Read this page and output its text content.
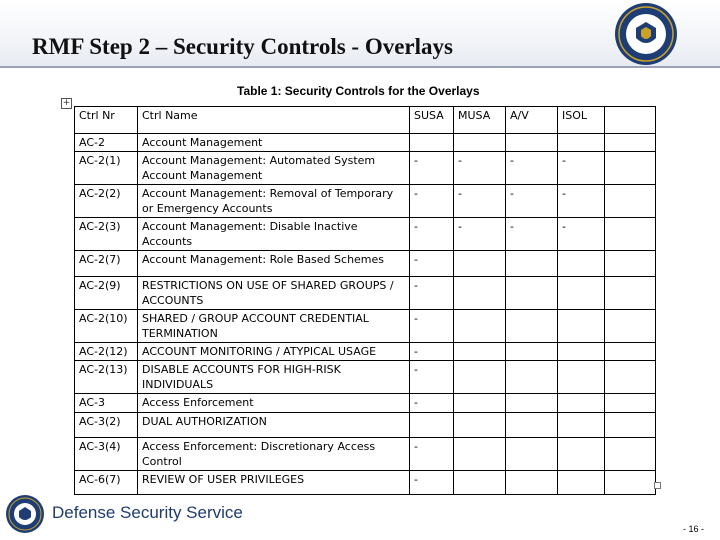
RMF Step 2 – Security Controls - Overlays
Table 1: Security Controls for the Overlays
+
Ctrl Nr	Ctrl Name	SUSA	MUSA	A/V	ISOL	
AC-2	Account Management					
AC-2(1)	Account Management: Automated System Account Management	-	-	-	-	
AC-2(2)	Account Management: Removal of Temporary or Emergency Accounts	-	-	-	-	
AC-2(3)	Account Management: Disable Inactive Accounts	-	-	-	-	
AC-2(7)	Account Management: Role Based Schemes	-				
AC-2(9)	RESTRICTIONS ON USE OF SHARED GROUPS / ACCOUNTS	-				
AC-2(10)	SHARED / GROUP ACCOUNT CREDENTIAL TERMINATION	-				
AC-2(12)	ACCOUNT MONITORING / ATYPICAL USAGE	-				
AC-2(13)	DISABLE ACCOUNTS FOR HIGH-RISK INDIVIDUALS	-				
AC-3	Access Enforcement	-				
AC-3(2)	DUAL AUTHORIZATION					
AC-3(4)	Access Enforcement: Discretionary Access Control	-				
AC-6(7)	REVIEW OF USER PRIVILEGES	-				
Defense Security Service
- 16 -
